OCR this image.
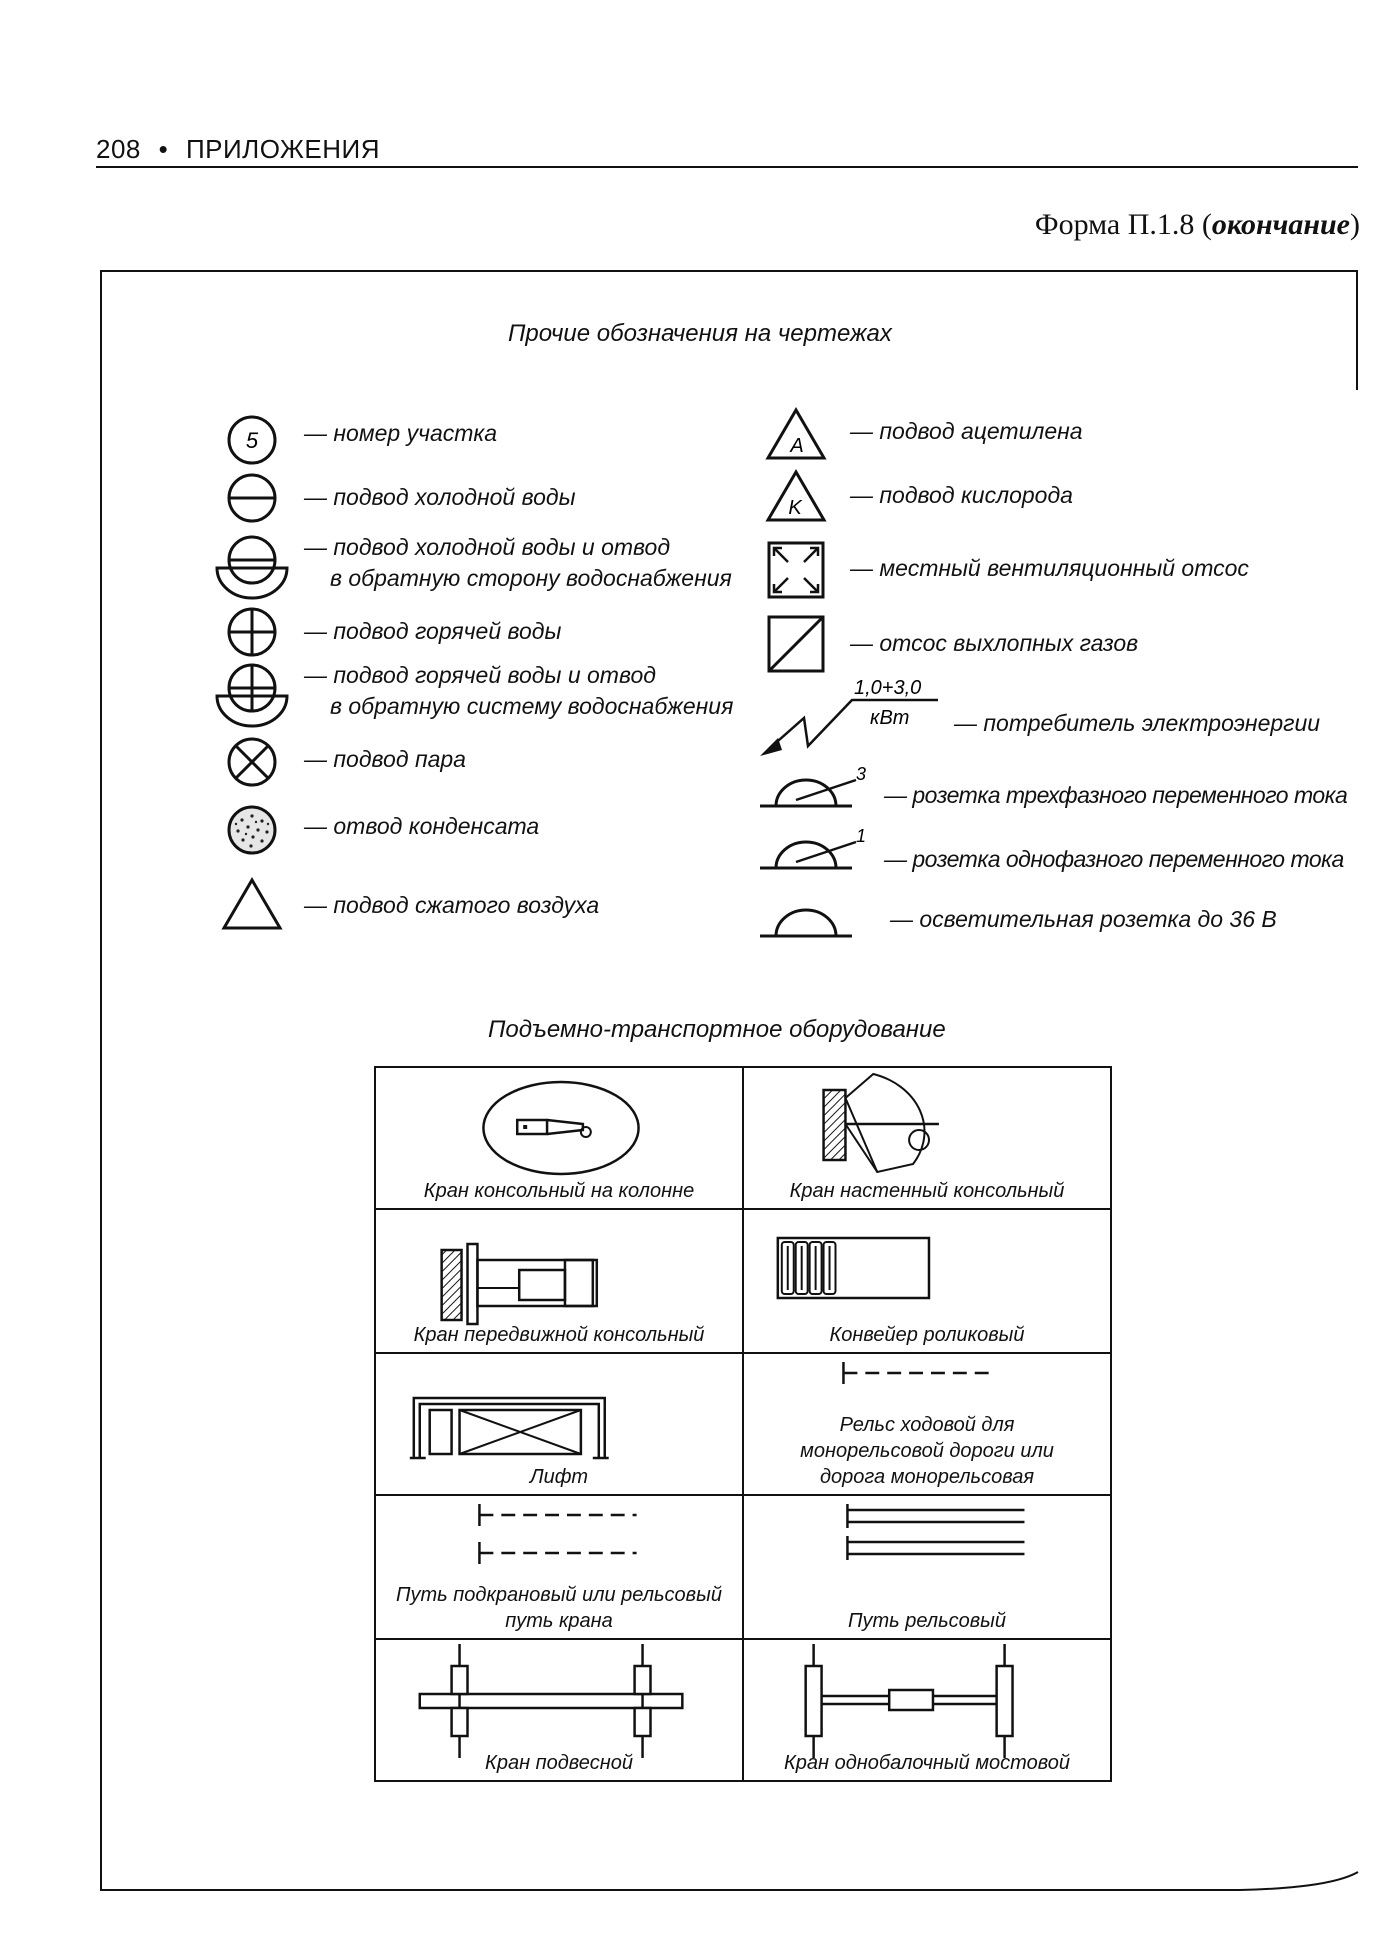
208 • ПРИЛОЖЕНИЯ
Форма П.1.8 (окончание)
Прочие обозначения на чертежах
5 — номер участка
— подвод холодной воды
— подвод холодной воды и отвод
в обратную сторону водоснабжения
— подвод горячей воды
— подвод горячей воды и отвод
в обратную систему водоснабжения
— подвод пара
— отвод конденсата
— подвод сжатого воздуха
A
— подвод ацетилена
K — подвод кислорода
— местный вентиляционный отсос
— отсос выхлопных газов
1,0+3,0
кВт — потребитель электроэнергии
3
— розетка трехфазного переменного тока
1
— розетка однофазного переменного тока
— осветительная розетка до 36 В
Подъемно-транспортное оборудование
Кран консольный на колонне	Кран настенный консольный

Кран передвижной консольный	Конвейер роликовый

Лифт	Рельс ходовой для
монорельсовой дороги или
дорога монорельсовая

Путь подкрановый или рельсовый
путь крана	Путь рельсовый

Кран подвесной	Кран однобалочный мостовой
